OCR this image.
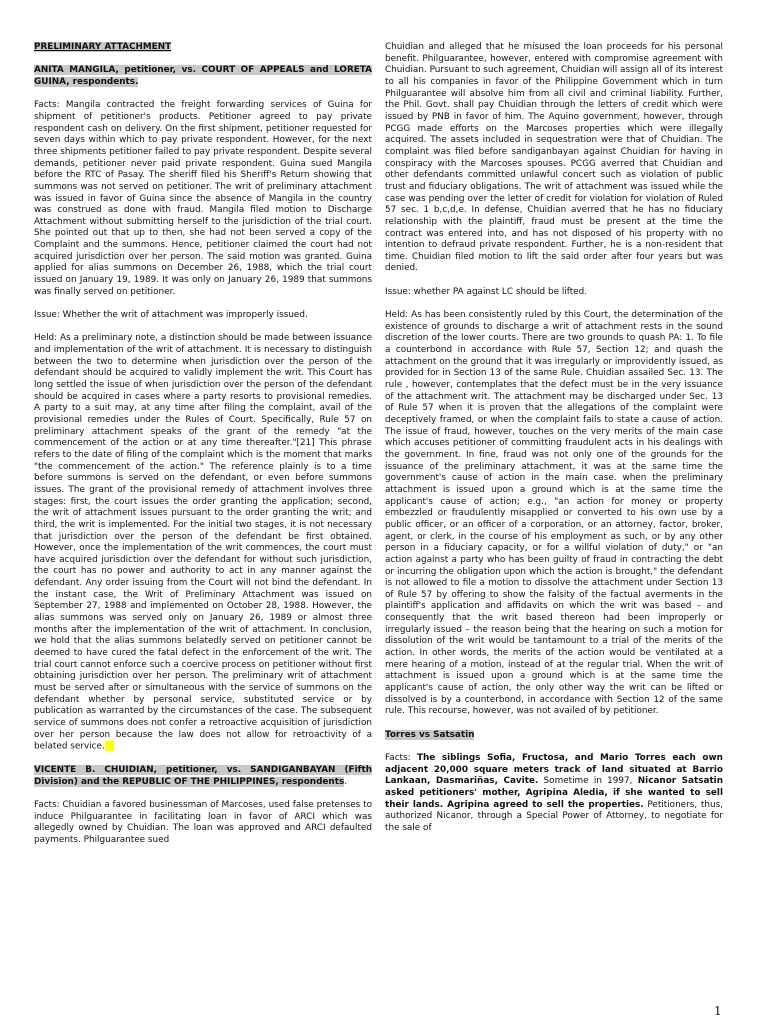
PRELIMINARY ATTACHMENT

ANITA MANGILA, petitioner, vs. COURT OF APPEALS and LORETA GUINA, respondents.

Facts: Mangila contracted the freight forwarding services of Guina for shipment of petitioner's products. Petitioner agreed to pay private respondent cash on delivery. On the first shipment, petitioner requested for seven days within which to pay private respondent. However, for the next three shipments petitioner failed to pay private respondent. Despite several demands, petitioner never paid private respondent. Guina sued Mangila before the RTC of Pasay. The sheriff filed his Sheriff's Return showing that summons was not served on petitioner. The writ of preliminary attachment was issued in favor of Guina since the absence of Mangila in the country was construed as done with fraud. Mangila filed motion to Discharge Attachment without submitting herself to the jurisdiction of the trial court. She pointed out that up to then, she had not been served a copy of the Complaint and the summons. Hence, petitioner claimed the court had not acquired jurisdiction over her person. The said motion was granted. Guina applied for alias summons on December 26, 1988, which the trial court issued on January 19, 1989. It was only on January 26, 1989 that summons was finally served on petitioner.

Issue: Whether the writ of attachment was improperly issued.

Held: As a preliminary note, a distinction should be made between issuance and implementation of the writ of attachment. It is necessary to distinguish between the two to determine when jurisdiction over the person of the defendant should be acquired to validly implement the writ. This Court has long settled the issue of when jurisdiction over the person of the defendant should be acquired in cases where a party resorts to provisional remedies. A party to a suit may, at any time after filing the complaint, avail of the provisional remedies under the Rules of Court. Specifically, Rule 57 on preliminary attachment speaks of the grant of the remedy "at the commencement of the action or at any time thereafter."[21] This phrase refers to the date of filing of the complaint which is the moment that marks "the commencement of the action." The reference plainly is to a time before summons is served on the defendant, or even before summons issues. The grant of the provisional remedy of attachment involves three stages: first, the court issues the order granting the application; second, the writ of attachment issues pursuant to the order granting the writ; and third, the writ is implemented. For the initial two stages, it is not necessary that jurisdiction over the person of the defendant be first obtained. However, once the implementation of the writ commences, the court must have acquired jurisdiction over the defendant for without such jurisdiction, the court has no power and authority to act in any manner against the defendant. Any order issuing from the Court will not bind the defendant. In the instant case, the Writ of Preliminary Attachment was issued on September 27, 1988 and implemented on October 28, 1988. However, the alias summons was served only on January 26, 1989 or almost three months after the implementation of the writ of attachment. In conclusion, we hold that the alias summons belatedly served on petitioner cannot be deemed to have cured the fatal defect in the enforcement of the writ. The trial court cannot enforce such a coercive process on petitioner without first obtaining jurisdiction over her person. The preliminary writ of attachment must be served after or simultaneous with the service of summons on the defendant whether by personal service, substituted service or by publication as warranted by the circumstances of the case. The subsequent service of summons does not confer a retroactive acquisition of jurisdiction over her person because the law does not allow for retroactivity of a belated service.

VICENTE B. CHUIDIAN, petitioner, vs. SANDIGANBAYAN (Fifth Division) and the REPUBLIC OF THE PHILIPPINES, respondents.

Facts: Chuidian a favored businessman of Marcoses, used false pretenses to induce Philguarantee in facilitating loan in favor of ARCI which was allegedly owned by Chuidian. The loan was approved and ARCI defaulted payments. Philguarantee sued

Chuidian and alleged that he misused the loan proceeds for his personal benefit. Philguarantee, however, entered with compromise agreement with Chuidian. Pursuant to such agreement, Chuidian will assign all of its interest to all his companies in favor of the Philippine Government which in turn Philguarantee will absolve him from all civil and criminal liability. Further, the Phil. Govt. shall pay Chuidian through the letters of credit which were issued by PNB in favor of him. The Aquino government, however, through PCGG made efforts on the Marcoses properties which were illegally acquired. The assets included in sequestration were that of Chuidian. The complaint was filed before sandiganbayan against Chuidian for having in conspiracy with the Marcoses spouses. PCGG averred that Chuidian and other defendants committed unlawful concert such as violation of public trust and fiduciary obligations. The writ of attachment was issued while the case was pending over the letter of credit for violation for violation of Ruled 57 sec. 1 b,c,d,e. In defense, Chuidian averred that he has no fiduciary relationship with the plaintiff, fraud must be present at the time the contract was entered into, and has not disposed of his property with no intention to defraud private respondent. Further, he is a non-resident that time. Chuidian filed motion to lift the said order after four years but was denied.

Issue: whether PA against LC should be lifted.

Held: As has been consistently ruled by this Court, the determination of the existence of grounds to discharge a writ of attachment rests in the sound discretion of the lower courts. There are two grounds to quash PA: 1. To file a counterbond in accordance with Rule 57, Section 12; and quash the attachment on the ground that it was irregularly or improvidently issued, as provided for in Section 13 of the same Rule. Chuidian assailed Sec. 13. The rule , however, contemplates that the defect must be in the very issuance of the attachment writ. The attachment may be discharged under Sec. 13 of Rule 57 when it is proven that the allegations of the complaint were deceptively framed, or when the complaint fails to state a cause of action. The issue of fraud, however, touches on the very merits of the main case which accuses petitioner of committing fraudulent acts in his dealings with the government. In fine, fraud was not only one of the grounds for the issuance of the preliminary attachment, it was at the same time the government's cause of action in the main case. when the preliminary attachment is issued upon a ground which is at the same time the applicant's cause of action; e.g., "an action for money or property embezzled or fraudulently misapplied or converted to his own use by a public officer, or an officer of a corporation, or an attorney, factor, broker, agent, or clerk, in the course of his employment as such, or by any other person in a fiduciary capacity, or for a willful violation of duty," or "an action against a party who has been guilty of fraud in contracting the debt or incurring the obligation upon which the action is brought," the defendant is not allowed to file a motion to dissolve the attachment under Section 13 of Rule 57 by offering to show the falsity of the factual averments in the plaintiff's application and affidavits on which the writ was based – and consequently that the writ based thereon had been improperly or irregularly issued – the reason being that the hearing on such a motion for dissolution of the writ would be tantamount to a trial of the merits of the action. In other words, the merits of the action would be ventilated at a mere hearing of a motion, instead of at the regular trial. When the writ of attachment is issued upon a ground which is at the same time the applicant's cause of action, the only other way the writ can be lifted or dissolved is by a counterbond, in accordance with Section 12 of the same rule. This recourse, however, was not availed of by petitioner.

Torres vs Satsatin

Facts: The siblings Sofia, Fructosa, and Mario Torres each own adjacent 20,000 square meters track of land situated at Barrio Lankaan, Dasmariñas, Cavite. Sometime in 1997, Nicanor Satsatin asked petitioners' mother, Agripina Aledia, if she wanted to sell their lands. Agripina agreed to sell the properties. Petitioners, thus, authorized Nicanor, through a Special Power of Attorney, to negotiate for the sale of

1
